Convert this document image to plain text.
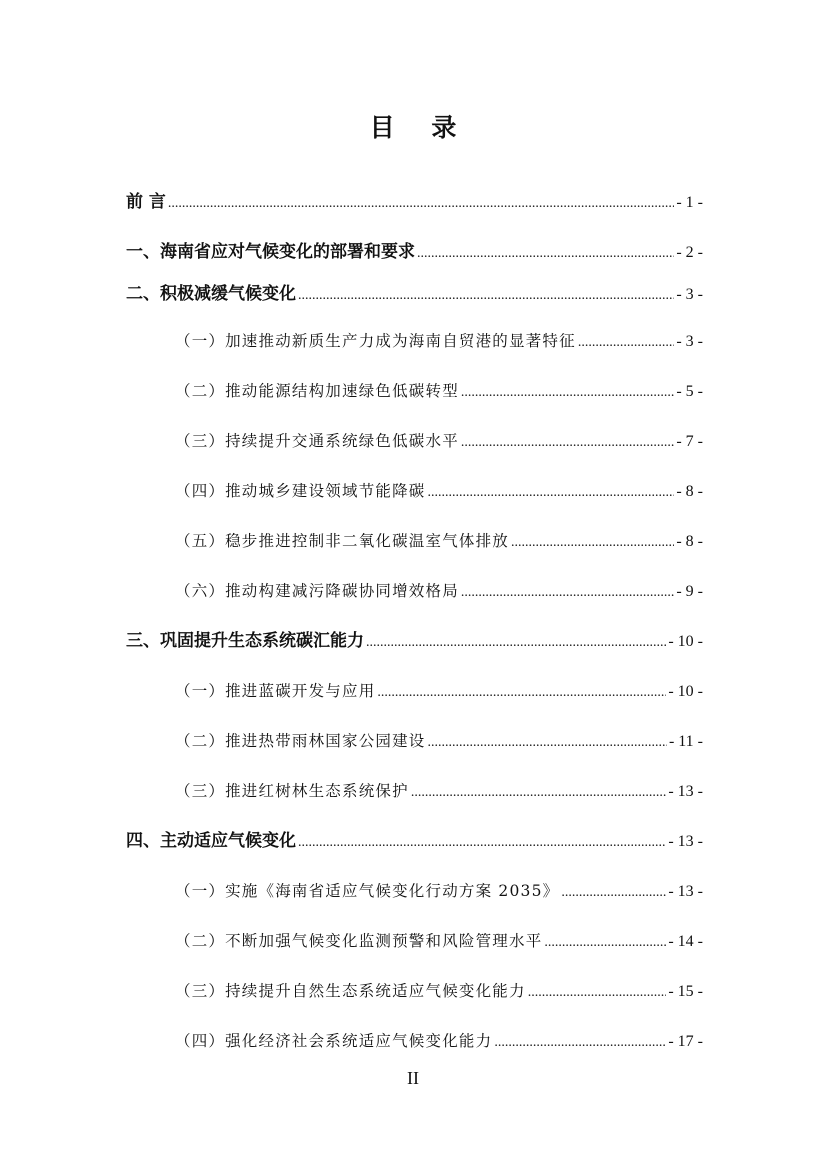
目 录
前 言 .....	- 1 -
一、海南省应对气候变化的部署和要求 .....	- 2 -
二、积极减缓气候变化 .....	- 3 -
（一）加速推动新质生产力成为海南自贸港的显著特征 .....	- 3 -
（二）推动能源结构加速绿色低碳转型 .....	- 5 -
（三）持续提升交通系统绿色低碳水平 .....	- 7 -
（四）推动城乡建设领域节能降碳 .....	- 8 -
（五）稳步推进控制非二氧化碳温室气体排放 .....	- 8 -
（六）推动构建减污降碳协同增效格局 .....	- 9 -
三、巩固提升生态系统碳汇能力 .....	- 10 -
（一）推进蓝碳开发与应用 .....	- 10 -
（二）推进热带雨林国家公园建设 .....	- 11 -
（三）推进红树林生态系统保护 .....	- 13 -
四、主动适应气候变化 .....	- 13 -
（一）实施《海南省适应气候变化行动方案 2035》 .....	- 13 -
（二）不断加强气候变化监测预警和风险管理水平 .....	- 14 -
（三）持续提升自然生态系统适应气候变化能力 .....	- 15 -
（四）强化经济社会系统适应气候变化能力 .....	- 17 -
II
